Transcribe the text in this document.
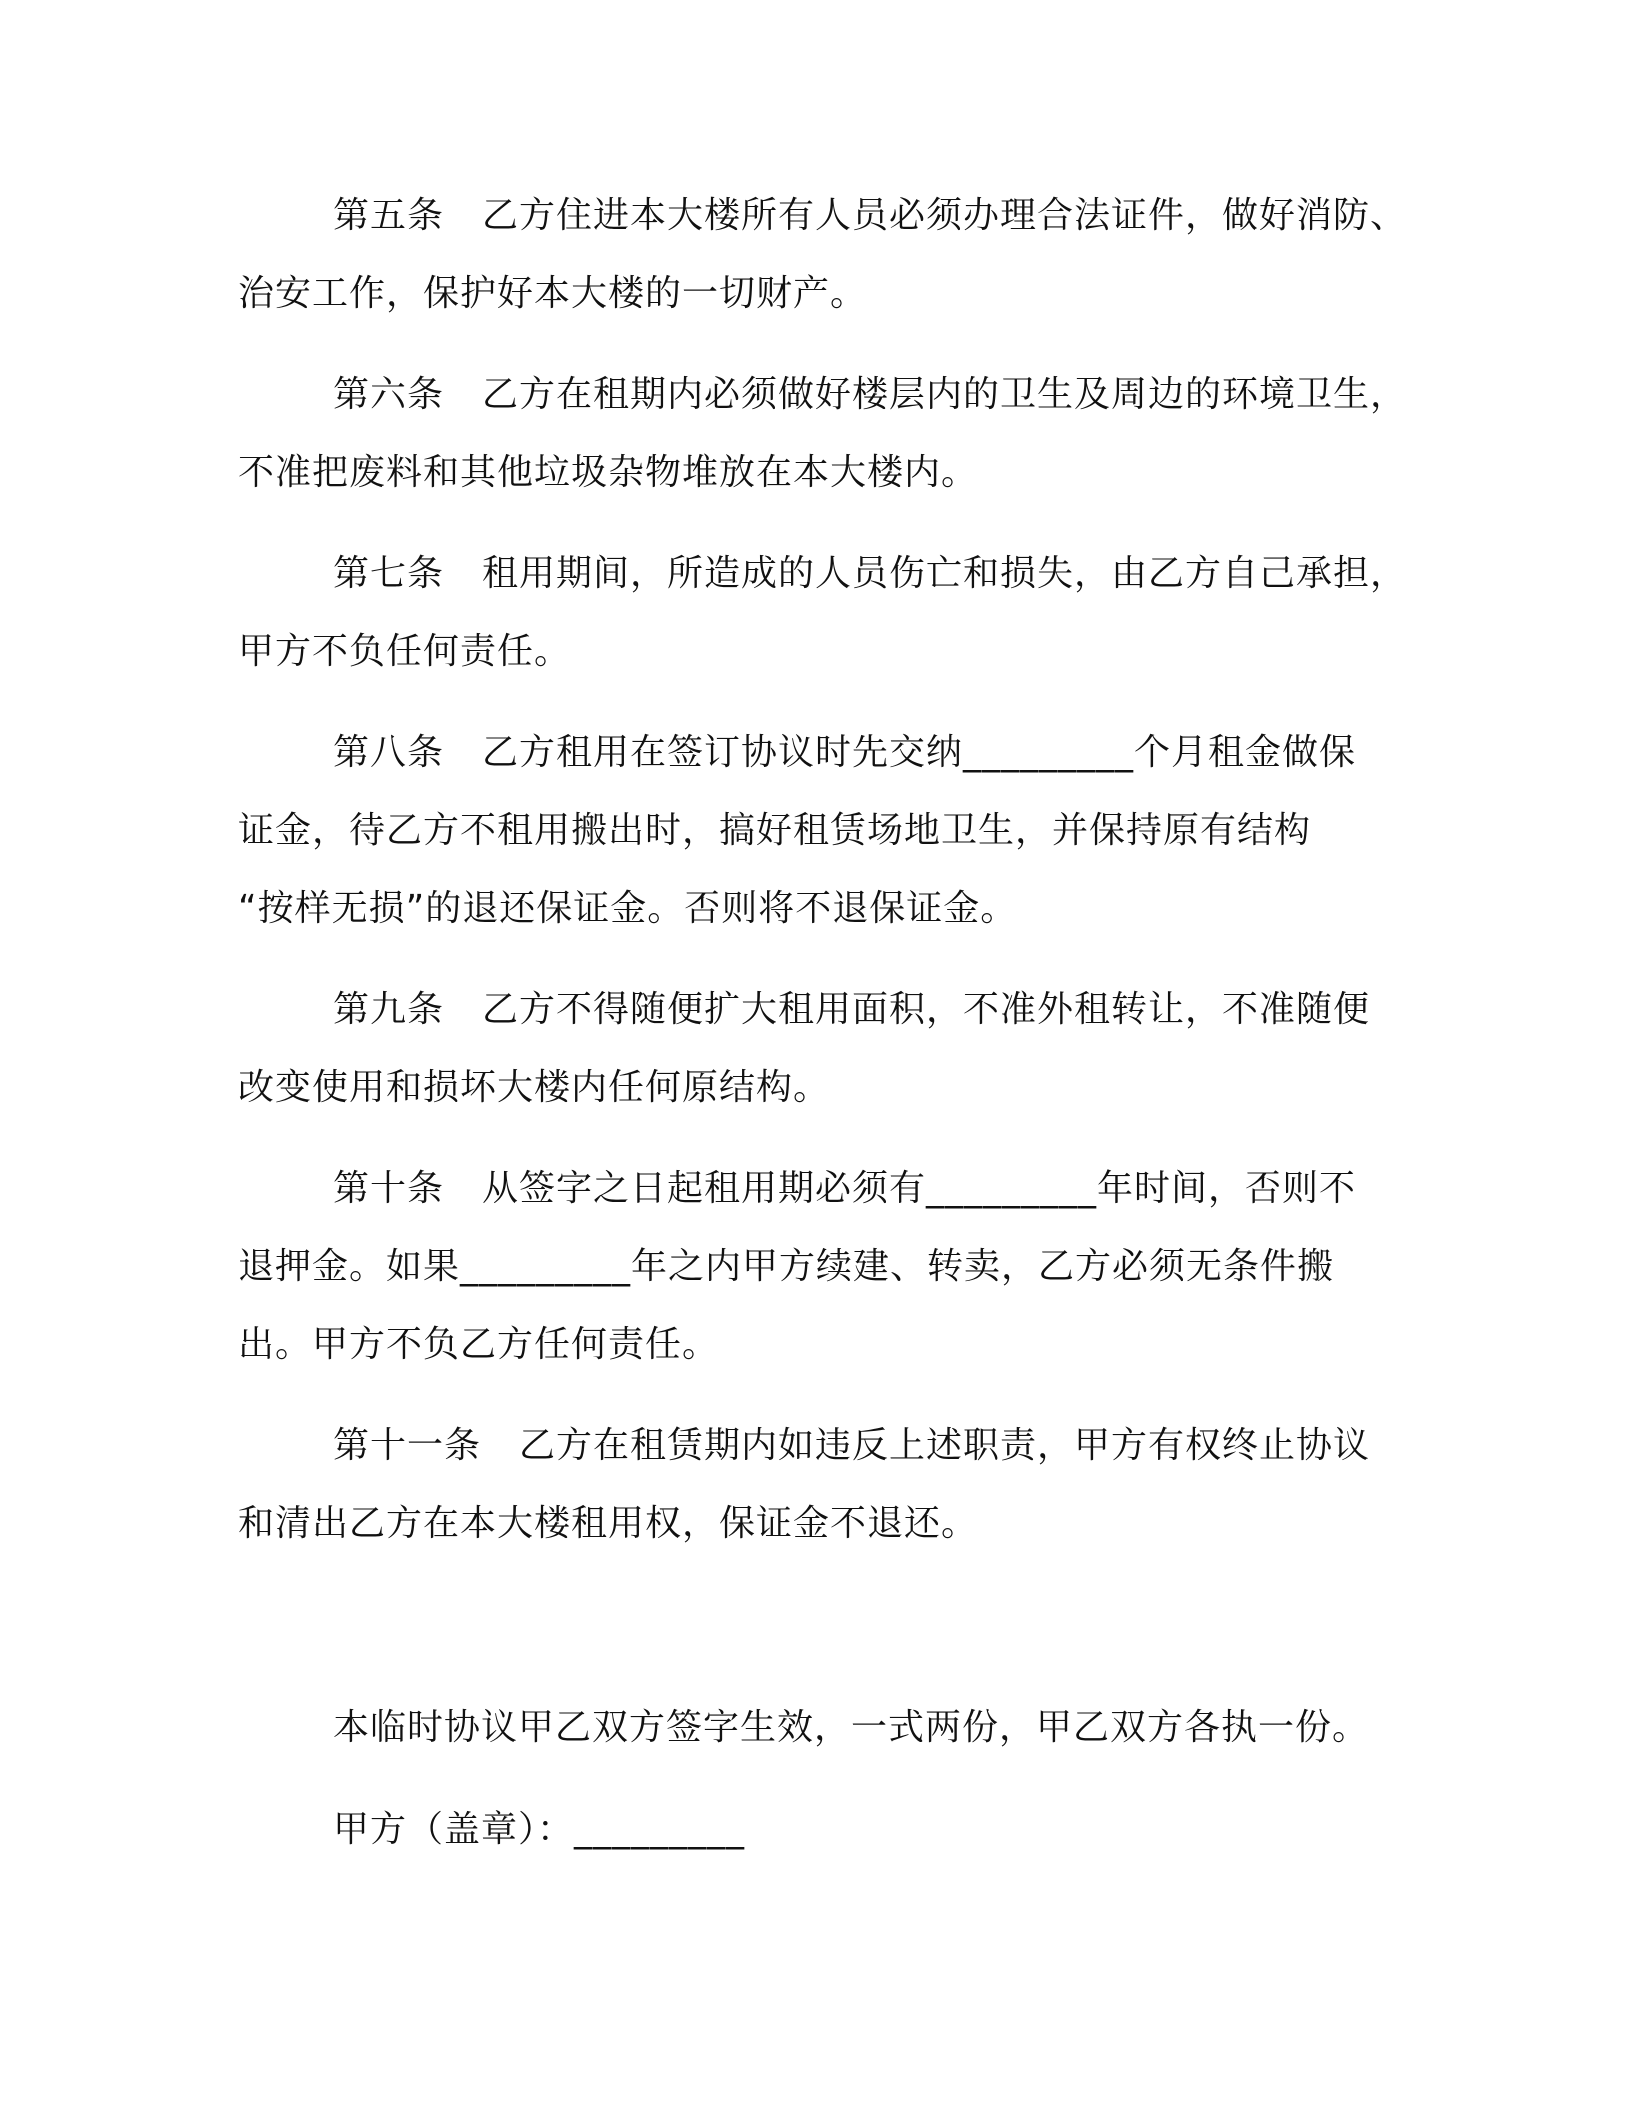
第五条 乙方住进本大楼所有人员必须办理合法证件，做好消防、
治安工作，保护好本大楼的一切财产。
第六条 乙方在租期内必须做好楼层内的卫生及周边的环境卫生，
不准把废料和其他垃圾杂物堆放在本大楼内。
第七条 租用期间，所造成的人员伤亡和损失，由乙方自己承担，
甲方不负任何责任。
第八条 乙方租用在签订协议时先交纳_________个月租金做保
证金，待乙方不租用搬出时，搞好租赁场地卫生，并保持原有结构
“按样无损”的退还保证金。否则将不退保证金。
第九条 乙方不得随便扩大租用面积，不准外租转让，不准随便
改变使用和损坏大楼内任何原结构。
第十条 从签字之日起租用期必须有_________年时间，否则不
退押金。如果_________年之内甲方续建、转卖，乙方必须无条件搬
出。甲方不负乙方任何责任。
第十一条 乙方在租赁期内如违反上述职责，甲方有权终止协议
和清出乙方在本大楼租用权，保证金不退还。
本临时协议甲乙双方签字生效，一式两份，甲乙双方各执一份。
甲方（盖章）：_________
